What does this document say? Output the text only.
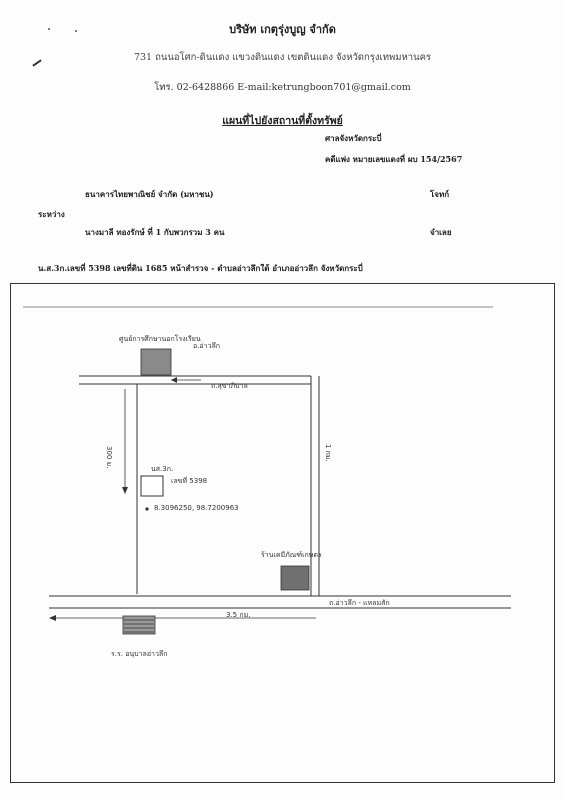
บริษัท เกตุรุ่งบูญ จำกัด
731 ถนนอโศก-ดินแดง แขวงดินแดง เขตดินแดง จังหวัดกรุงเทพมหานคร
โทร. 02-6428866 E-mail:ketrungboon701@gmail.com
แผนที่ไปยังสถานที่ตั้งทรัพย์
ศาลจังหวัดกระบี่
คดีแพ่ง หมายเลขแดงที่ ผบ 154/2567
ธนาคารไทยพาณิชย์ จำกัด (มหาชน)	โจทก์
ระหว่าง
นางมาลี ทองรักษ์ ที่ 1 กับพวกรวม 3 คน	จำเลย
น.ส.3ก.เลขที่ 5398 เลขที่ดิน 1685 หน้าสำรวจ - ตำบลอ่าวลึกใต้ อำเภออ่าวลึก จังหวัดกระบี่
ศูนย์การศึกษานอกโรงเรียน
อ.อ่าวลึก
ถ.สุขาภิบาล
300 ม.	1 กม.
นส.3ก.
เลขที่ 5398
8.3096250, 98.7200963
ร้านเคมีภัณฑ์เกษตร
3.5 กม.
ถ.อ่าวลึก - แหลมสัก
ร.ร. อนุบาลอ่าวลึก
